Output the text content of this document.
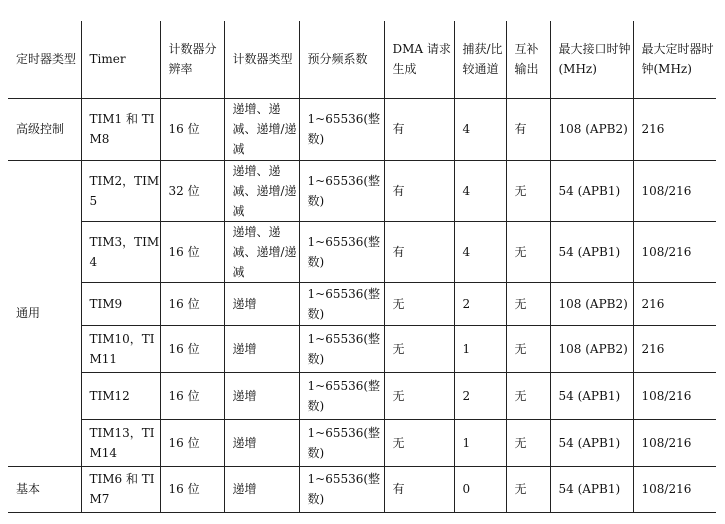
定时器类型	Timer	计数器分辨率	计数器类型	预分频系数	DMA 请求生成	捕获/比较通道	互补输出	最大接口时钟(MHz)	最大定时器时钟(MHz)
高级控制	TIM1 和 TIM8	16 位	递增、递减、递增/递减	1~65536(整数)	有	4	有	108 (APB2)	216
通用	TIM2，TIM5	32 位	递增、递减、递增/递减	1~65536(整数)	有	4	无	54 (APB1)	108/216
	TIM3，TIM4	16 位	递增、递减、递增/递减	1~65536(整数)	有	4	无	54 (APB1)	108/216
	TIM9	16 位	递增	1~65536(整数)	无	2	无	108 (APB2)	216
	TIM10，TIM11	16 位	递增	1~65536(整数)	无	1	无	108 (APB2)	216
	TIM12	16 位	递增	1~65536(整数)	无	2	无	54 (APB1)	108/216
	TIM13，TIM14	16 位	递增	1~65536(整数)	无	1	无	54 (APB1)	108/216
基本	TIM6 和 TIM7	16 位	递增	1~65536(整数)	有	0	无	54 (APB1)	108/216
